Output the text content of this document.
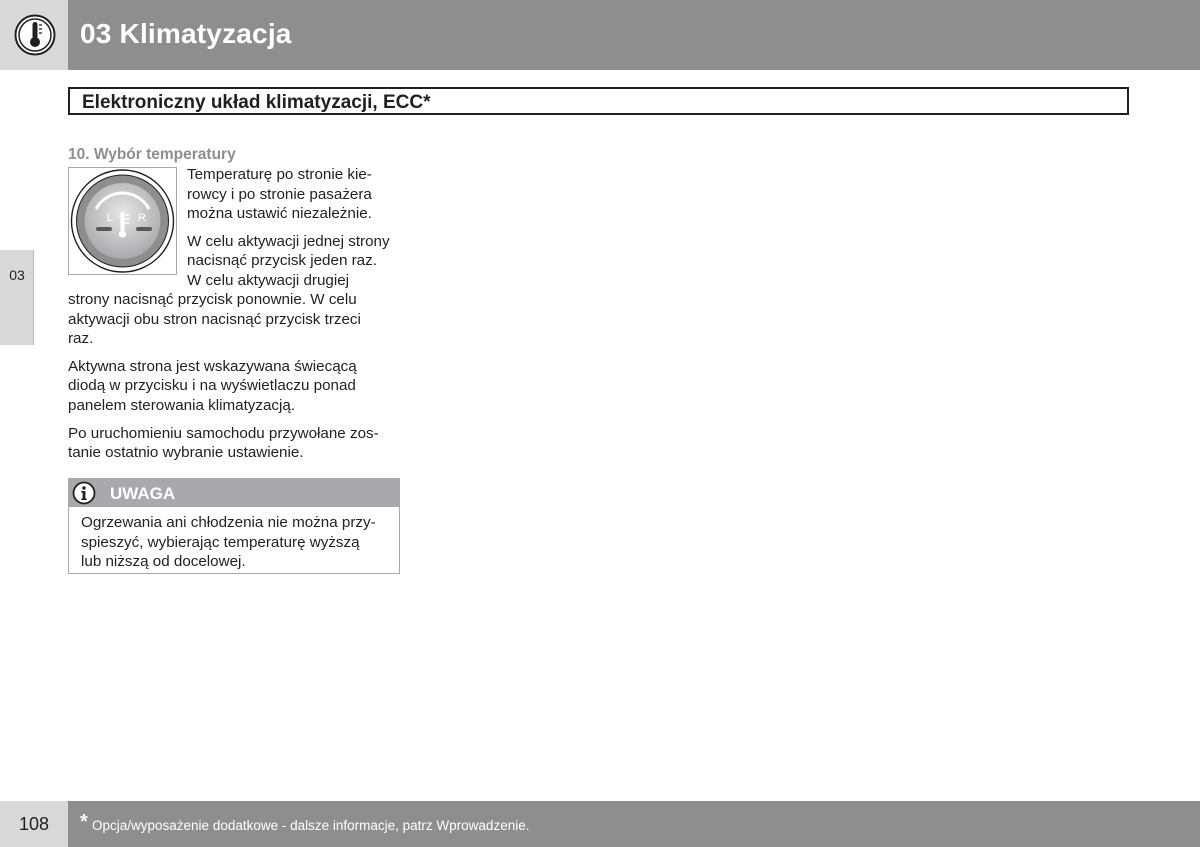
03 Klimatyzacja
Elektroniczny układ klimatyzacji, ECC*
03
10. Wybór temperatury
L R
Temperaturę po stronie kie-
rowcy i po stronie pasażera
można ustawić niezależnie.
W celu aktywacji jednej strony
nacisnąć przycisk jeden raz.
W celu aktywacji drugiej
strony nacisnąć przycisk ponownie. W celu
aktywacji obu stron nacisnąć przycisk trzeci
raz.
Aktywna strona jest wskazywana świecącą
diodą w przycisku i na wyświetlaczu ponad
panelem sterowania klimatyzacją.
Po uruchomieniu samochodu przywołane zos-
tanie ostatnio wybranie ustawienie.
UWAGA
Ogrzewania ani chłodzenia nie można przy-
spieszyć, wybierając temperaturę wyższą
lub niższą od docelowej.
108	* Opcja/wyposażenie dodatkowe - dalsze informacje, patrz Wprowadzenie.
